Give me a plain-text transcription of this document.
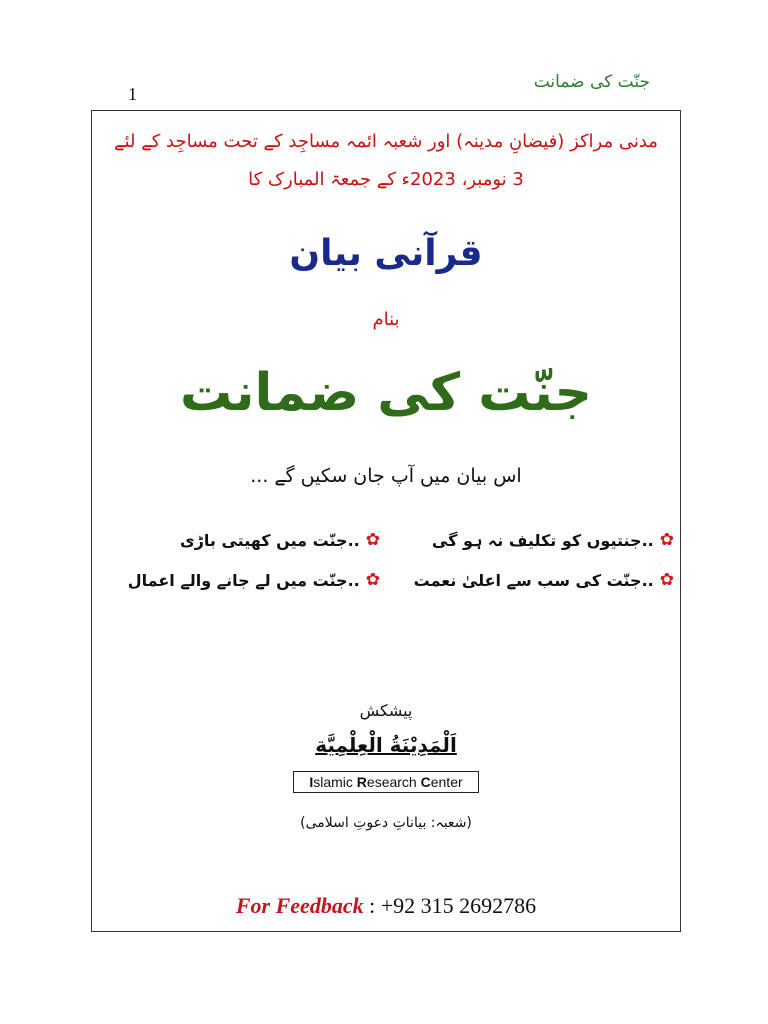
جنّت کی ضمانت
1
مدنی مراکز (فیضانِ مدینہ) اور شعبہ ائمہ مساجِد کے تحت مساجِد کے لئے
3 نومبر، 2023ء کے جمعۃ المبارک کا
قرآنی بیان
بنام
جنّت کی ضمانت
اس بیان میں آپ جان سکیں گے ...
✿
..جنتیوں کو تکلیف نہ ہو گی
✿
..جنّت میں کھیتی باڑی
✿
..جنّت کی سب سے اعلیٰ نعمت
✿
..جنّت میں لے جانے والے اعمال
پیشکش
اَلْمَدِیْنَةُ الْعِلْمِیَّة
Islamic Research Center
(شعبہ: بیاناتِ دعوتِ اسلامی)
For Feedback : +92 315 2692786
